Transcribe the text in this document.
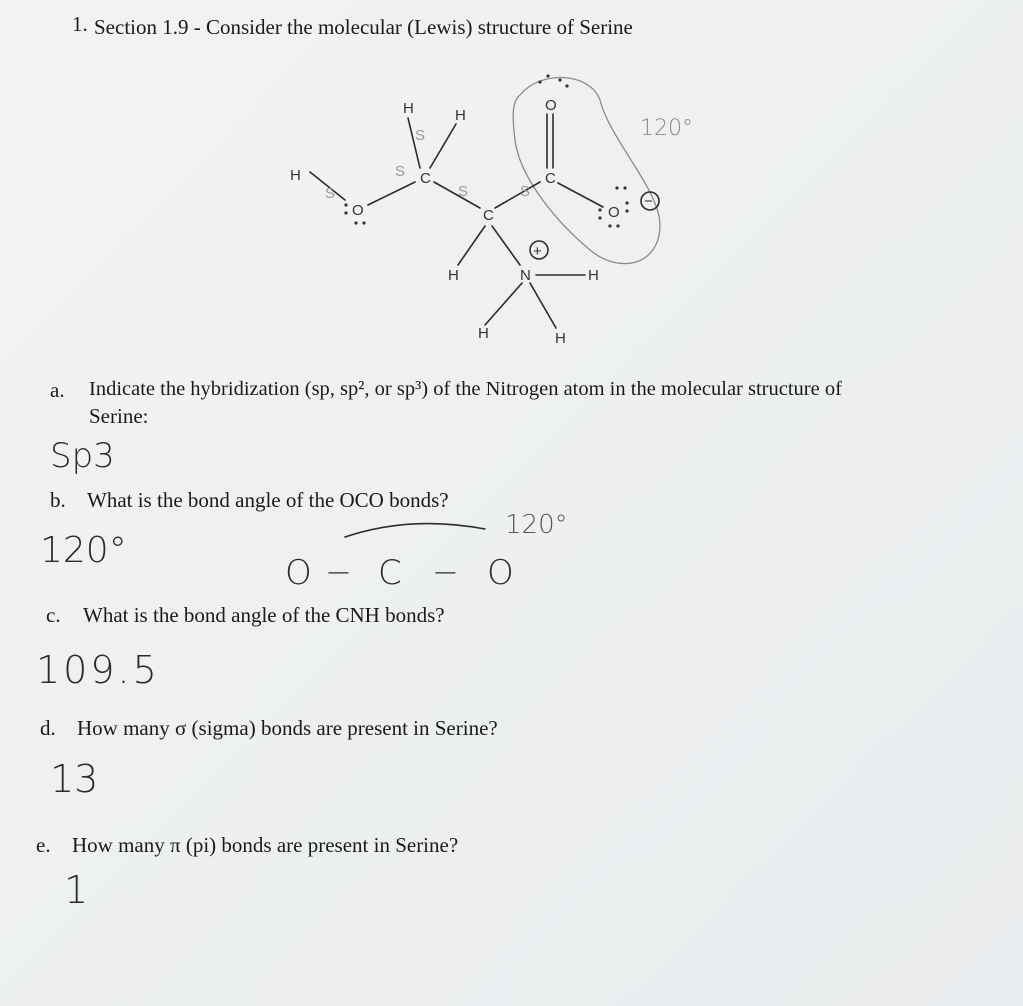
1. Section 1.9 - Consider the molecular (Lewis) structure of Serine
H	H
H	C
O	C
C
O
O
H	N	H
H	H
+
−
S
S
S
S	S
120°
a. Indicate the hybridization (sp, sp², or sp³) of the Nitrogen atom in the molecular structure of
Serine:
Sp3
b. What is the bond angle of the OCO bonds?
120°
120°
O − C − O
c. What is the bond angle of the CNH bonds?
109.5
d. How many σ (sigma) bonds are present in Serine?
13
e. How many π (pi) bonds are present in Serine?
1
